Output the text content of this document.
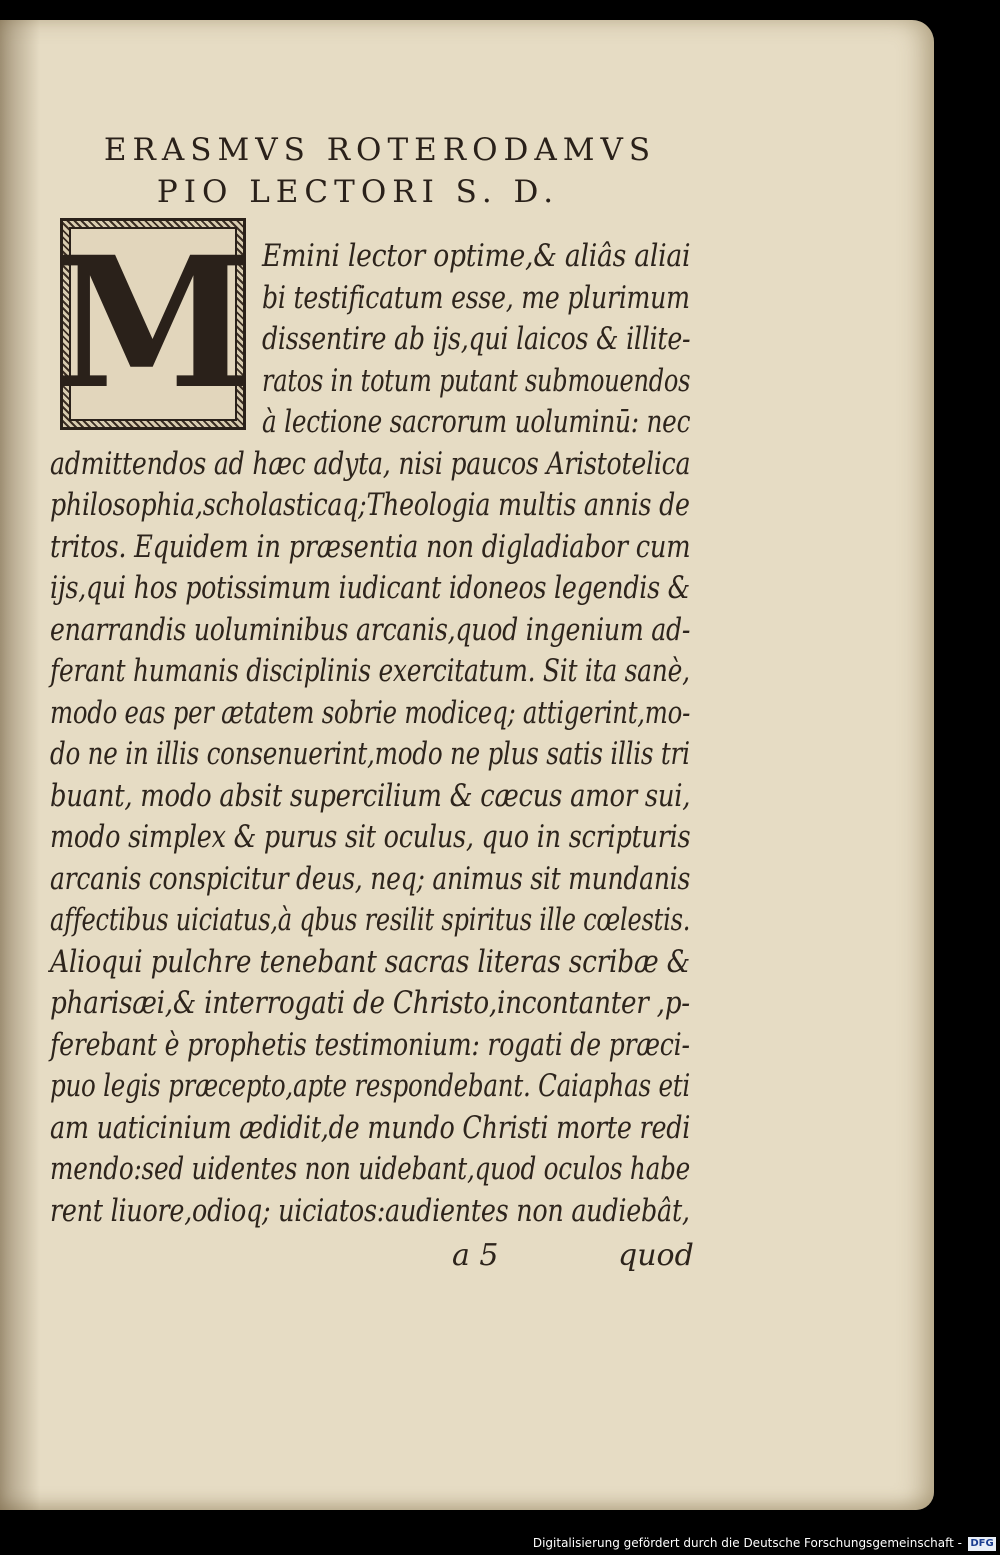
ERASMVS ROTERODAMVS
PIO LECTORI S. D.
M Emini lector optime,& aliâs aliai
bi testificatum esse, me plurimum
dissentire ab ijs,qui laicos & illite-
ratos in totum putant submouendos
à lectione sacrorum uoluminū: nec
admittendos ad hæc adyta, nisi paucos Aristotelica
philosophia,scholasticaq;Theologia multis annis de
tritos. Equidem in præsentia non digladiabor cum
ijs,qui hos potissimum iudicant idoneos legendis &
enarrandis uoluminibus arcanis,quod ingenium ad-
ferant humanis disciplinis exercitatum. Sit ita sanè,
modo eas per ætatem sobrie modiceq; attigerint,mo-
do ne in illis consenuerint,modo ne plus satis illis tri
buant, modo absit supercilium & cæcus amor sui,
modo simplex & purus sit oculus, quo in scripturis
arcanis conspicitur deus, neq; animus sit mundanis
affectibus uiciatus,à qbus resilit spiritus ille cœlestis.
Alioqui pulchre tenebant sacras literas scribæ &
pharisæi,& interrogati de Christo,incontanter ,p-
ferebant è prophetis testimonium: rogati de præci-
puo legis præcepto,apte respondebant. Caiaphas eti
am uaticinium ædidit,de mundo Christi morte redi
mendo:sed uidentes non uidebant,quod oculos habe
rent liuore,odioq; uiciatos:audientes non audiebât,
a 5	quod
Digitalisierung gefördert durch die Deutsche Forschungsgemeinschaft - DFG
